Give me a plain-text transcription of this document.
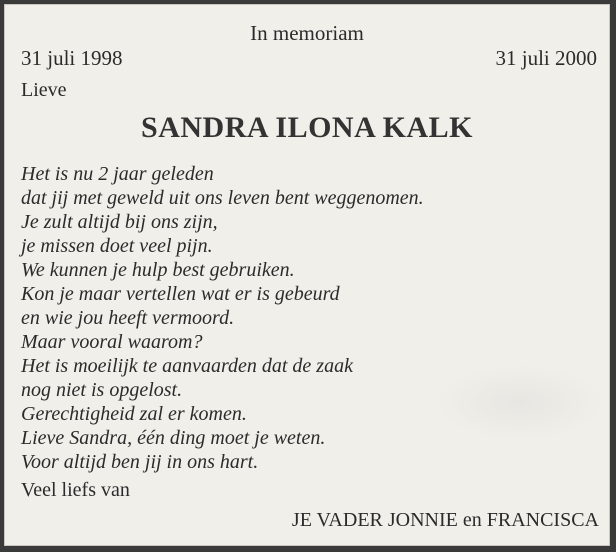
In memoriam
31 juli 1998	31 juli 2000
Lieve
SANDRA ILONA KALK
Het is nu 2 jaar geleden
dat jij met geweld uit ons leven bent weggenomen.
Je zult altijd bij ons zijn,
je missen doet veel pijn.
We kunnen je hulp best gebruiken.
Kon je maar vertellen wat er is gebeurd
en wie jou heeft vermoord.
Maar vooral waarom?
Het is moeilijk te aanvaarden dat de zaak
nog niet is opgelost.
Gerechtigheid zal er komen.
Lieve Sandra, één ding moet je weten.
Voor altijd ben jij in ons hart.
Veel liefs van
JE VADER JONNIE en FRANCISCA
